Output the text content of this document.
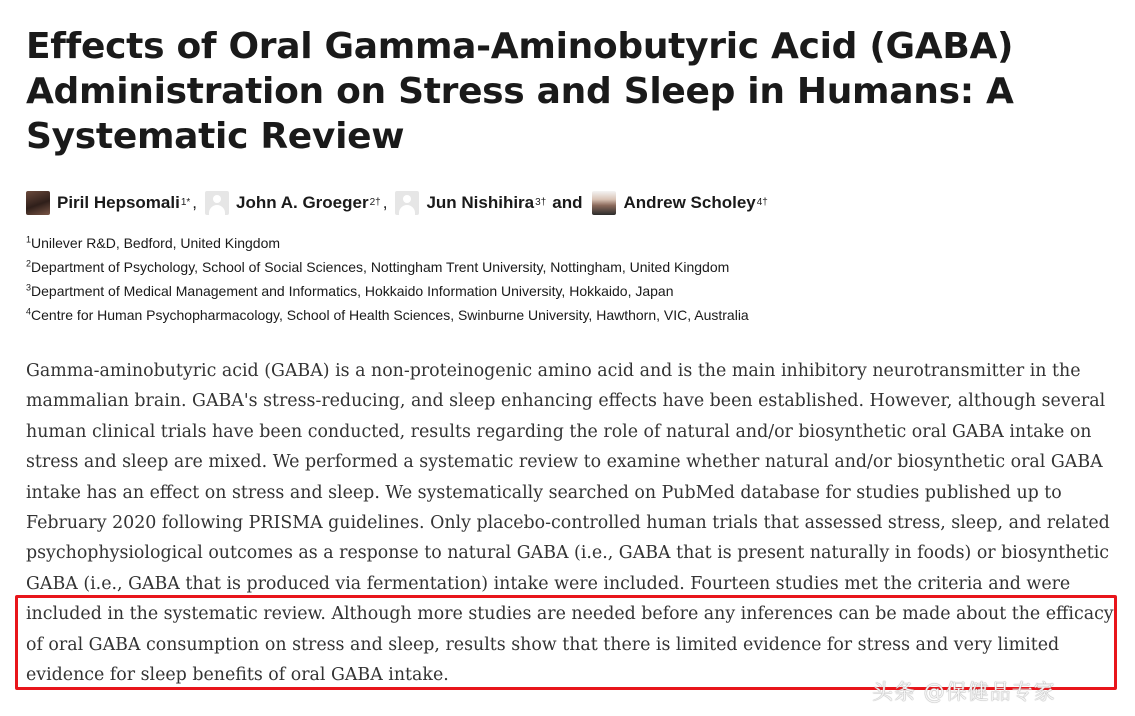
Effects of Oral Gamma-Aminobutyric Acid (GABA) Administration on Stress and Sleep in Humans: A Systematic Review
Piril Hepsomali 1* , John A. Groeger 2† , Jun Nishihira 3† and Andrew Scholey 4†
$^1$Unilever R&D, Bedford, United Kingdom
$^2$Department of Psychology, School of Social Sciences, Nottingham Trent University, Nottingham, United Kingdom
$^3$Department of Medical Management and Informatics, Hokkaido Information University, Hokkaido, Japan
$^4$Centre for Human Psychopharmacology, School of Health Sciences, Swinburne University, Hawthorn, VIC, Australia

Gamma-aminobutyric acid (GABA) is a non-proteinogenic amino acid and is the main inhibitory neurotransmitter in the
mammalian brain. GABA's stress-reducing, and sleep enhancing effects have been established. However, although several
human clinical trials have been conducted, results regarding the role of natural and/or biosynthetic oral GABA intake on
stress and sleep are mixed. We performed a systematic review to examine whether natural and/or biosynthetic oral GABA
intake has an effect on stress and sleep. We systematically searched on PubMed database for studies published up to
February 2020 following PRISMA guidelines. Only placebo-controlled human trials that assessed stress, sleep, and related
psychophysiological outcomes as a response to natural GABA (i.e., GABA that is present naturally in foods) or biosynthetic
GABA (i.e., GABA that is produced via fermentation) intake were included. Fourteen studies met the criteria and were
included in the systematic review. Although more studies are needed before any inferences can be made about the efficacy
of oral GABA consumption on stress and sleep, results show that there is limited evidence for stress and very limited
evidence for sleep benefits of oral GABA intake.

头条 @保健品专家
